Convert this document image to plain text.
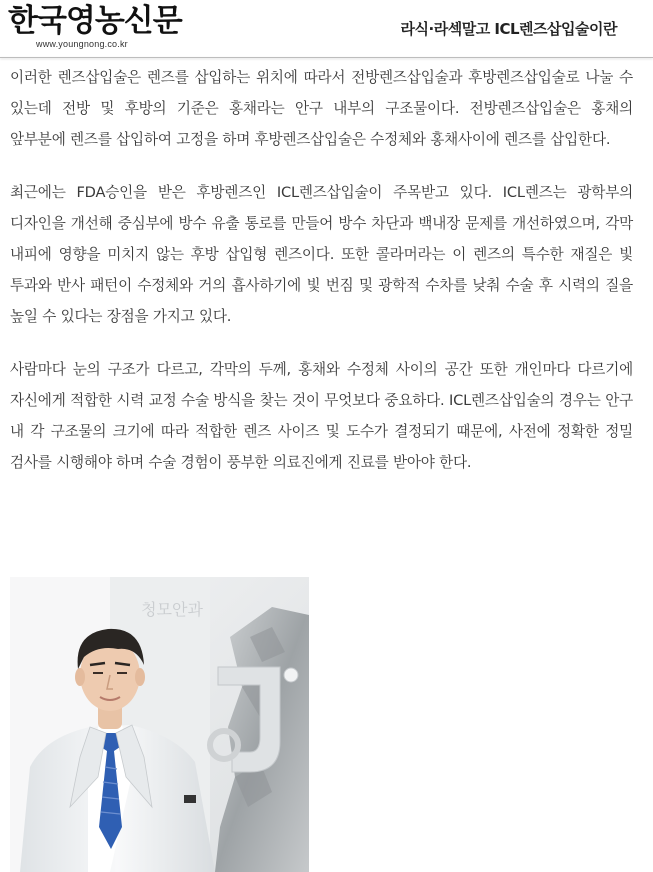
한국영농신문
www.youngnong.co.kr
라식·라섹말고 ICL렌즈삽입술이란

이러한 렌즈삽입술은 렌즈를 삽입하는 위치에 따라서 전방렌즈삽입술과 후방렌즈삽입술로 나눌 수 있는데 전방 및 후방의 기준은 홍채라는 안구 내부의 구조물이다. 전방렌즈삽입술은 홍채의 앞부분에 렌즈를 삽입하여 고정을 하며 후방렌즈삽입술은 수정체와 홍채사이에 렌즈를 삽입한다.

최근에는 FDA승인을 받은 후방렌즈인 ICL렌즈삽입술이 주목받고 있다. ICL렌즈는 광학부의 디자인을 개선해 중심부에 방수 유출 통로를 만들어 방수 차단과 백내장 문제를 개선하였으며, 각막 내피에 영향을 미치지 않는 후방 삽입형 렌즈이다. 또한 콜라머라는 이 렌즈의 특수한 재질은 빛 투과와 반사 패턴이 수정체와 거의 흡사하기에 빛 번짐 및 광학적 수차를 낮춰 수술 후 시력의 질을 높일 수 있다는 장점을 가지고 있다.

사람마다 눈의 구조가 다르고, 각막의 두께, 홍채와 수정체 사이의 공간 또한 개인마다 다르기에 자신에게 적합한 시력 교정 수술 방식을 찾는 것이 무엇보다 중요하다. ICL렌즈삽입술의 경우는 안구 내 각 구조물의 크기에 따라 적합한 렌즈 사이즈 및 도수가 결정되기 때문에, 사전에 정확한 정밀 검사를 시행해야 하며 수술 경험이 풍부한 의료진에게 진료를 받아야 한다.

청모안과
